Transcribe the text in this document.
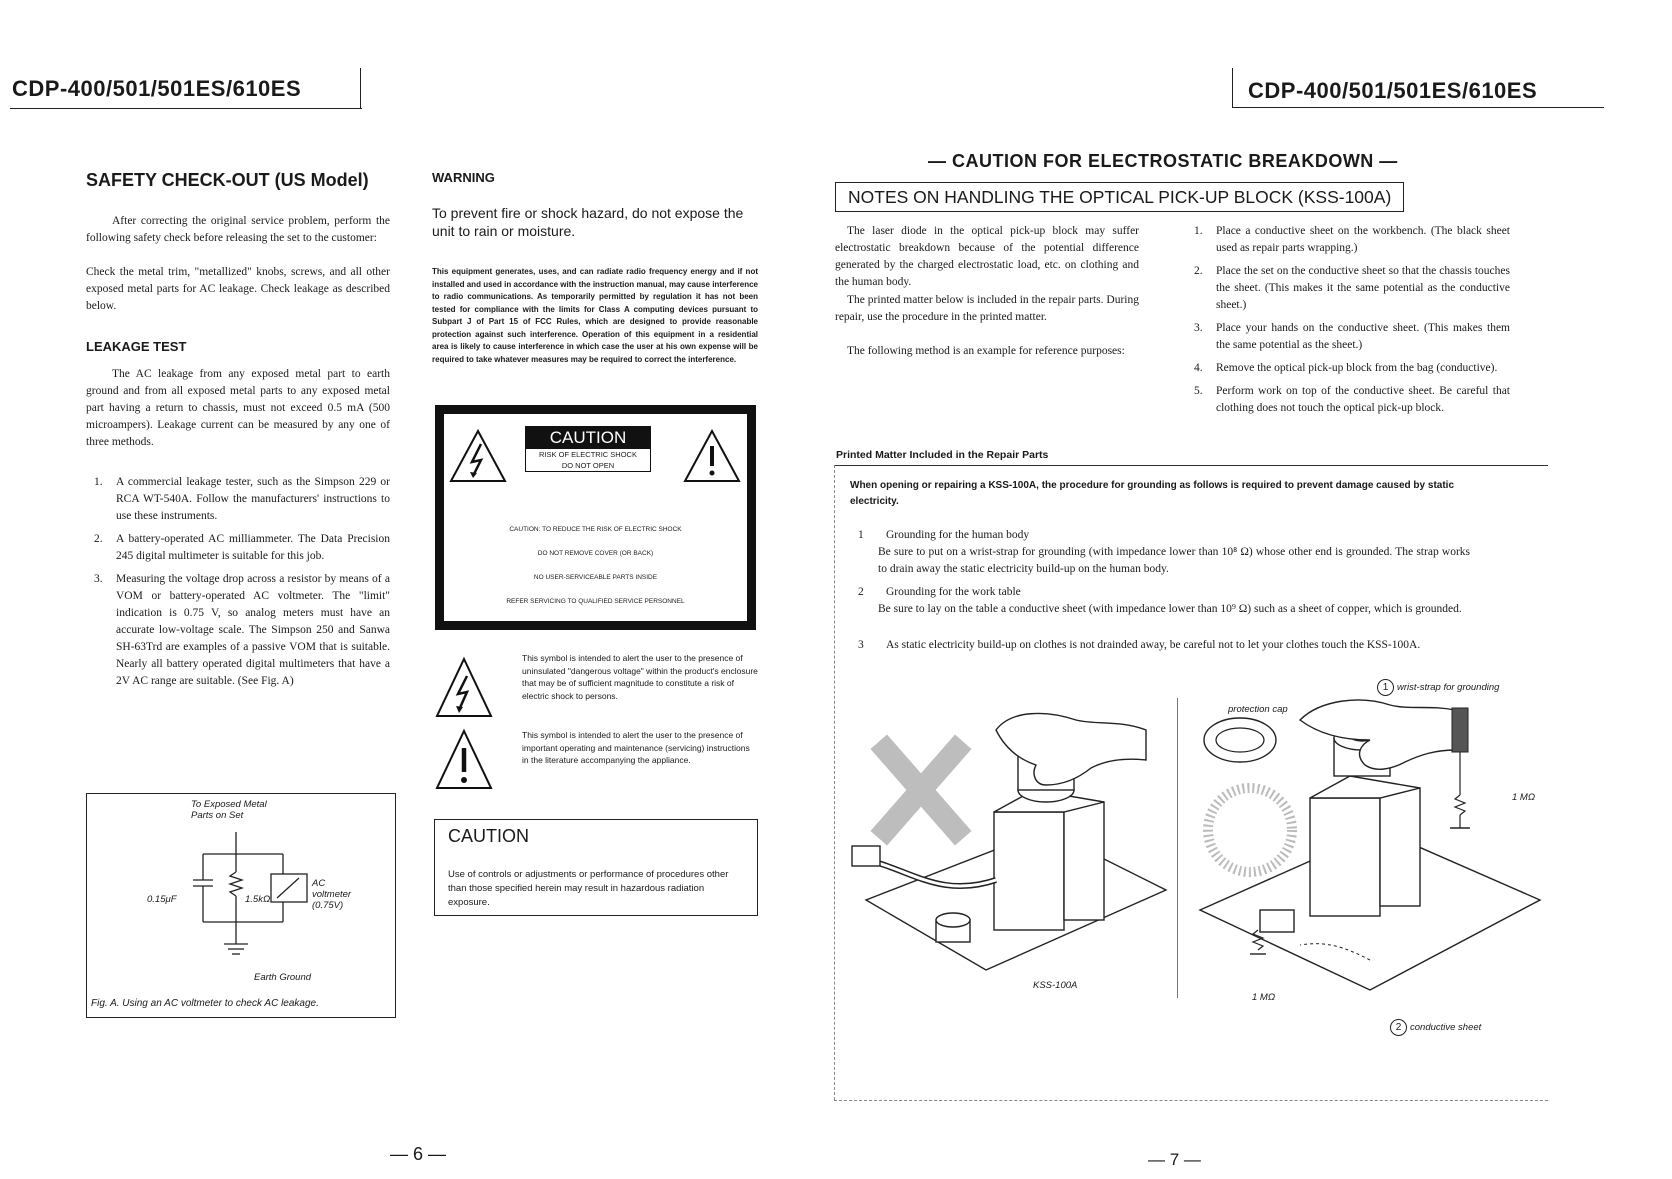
CDP-400/501/501ES/610ES
SAFETY CHECK-OUT (US Model)
After correcting the original service problem, perform the following safety check before releasing the set to the customer:
Check the metal trim, "metallized" knobs, screws, and all other exposed metal parts for AC leakage. Check leakage as described below.
LEAKAGE TEST
The AC leakage from any exposed metal part to earth ground and from all exposed metal parts to any exposed metal part having a return to chassis, must not exceed 0.5 mA (500 microampers). Leakage current can be measured by any one of three methods.
1. A commercial leakage tester, such as the Simpson 229 or RCA WT-540A. Follow the manufacturers' instructions to use these instruments.
2. A battery-operated AC milliammeter. The Data Precision 245 digital multimeter is suitable for this job.
3. Measuring the voltage drop across a resistor by means of a VOM or battery-operated AC voltmeter. The "limit" indication is 0.75 V, so analog meters must have an accurate low-voltage scale. The Simpson 250 and Sanwa SH-63Trd are examples of a passive VOM that is suitable. Nearly all battery operated digital multimeters that have a 2V AC range are suitable. (See Fig. A)
To Exposed Metal
Parts on Set
0.15μF	1.5kΩ
AC
voltmeter
(0.75V)
Earth Ground
Fig. A. Using an AC voltmeter to check AC leakage.
WARNING
To prevent fire or shock hazard, do not expose the unit to rain or moisture.
This equipment generates, uses, and can radiate radio frequency energy and if not installed and used in accordance with the instruction manual, may cause interference to radio communications. As temporarily permitted by regulation it has not been tested for compliance with the limits for Class A computing devices pursuant to Subpart J of Part 15 of FCC Rules, which are designed to provide reasonable protection against such interference. Operation of this equipment in a residential area is likely to cause interference in which case the user at his own expense will be required to take whatever measures may be required to correct the interference.
CAUTION
RISK OF ELECTRIC SHOCK
DO NOT OPEN
CAUTION: TO REDUCE THE RISK OF ELECTRIC SHOCK
DO NOT REMOVE COVER (OR BACK)
NO USER-SERVICEABLE PARTS INSIDE
REFER SERVICING TO QUALIFIED SERVICE PERSONNEL
This symbol is intended to alert the user to the presence of uninsulated "dangerous voltage" within the product's enclosure that may be of sufficient magnitude to constitute a risk of electric shock to persons.
This symbol is intended to alert the user to the presence of important operating and maintenance (servicing) instructions in the literature accompanying the appliance.
CAUTION
Use of controls or adjustments or performance of procedures other than those specified herein may result in hazardous radiation exposure.
— 6 —
CDP-400/501/501ES/610ES
— CAUTION FOR ELECTROSTATIC BREAKDOWN —
NOTES ON HANDLING THE OPTICAL PICK-UP BLOCK (KSS-100A)
The laser diode in the optical pick-up block may suffer electrostatic breakdown because of the potential difference generated by the charged electrostatic load, etc. on clothing and the human body.
The printed matter below is included in the repair parts. During repair, use the procedure in the printed matter.
The following method is an example for reference purposes:
1. Place a conductive sheet on the workbench. (The black sheet used as repair parts wrapping.)
2. Place the set on the conductive sheet so that the chassis touches the sheet. (This makes it the same potential as the conductive sheet.)
3. Place your hands on the conductive sheet. (This makes them the same potential as the sheet.)
4. Remove the optical pick-up block from the bag (conductive).
5. Perform work on top of the conductive sheet. Be careful that clothing does not touch the optical pick-up block.
Printed Matter Included in the Repair Parts
When opening or repairing a KSS-100A, the procedure for grounding as follows is required to prevent damage caused by static electricity.
1 Grounding for the human body
Be sure to put on a wrist-strap for grounding (with impedance lower than 10⁸ Ω) whose other end is grounded. The strap works to drain away the static electricity build-up on the human body.
2 Grounding for the work table
Be sure to lay on the table a conductive sheet (with impedance lower than 10⁹ Ω) such as a sheet of copper, which is grounded.
3 As static electricity build-up on clothes is not drainded away, be careful not to let your clothes touch the KSS-100A.
KSS-100A
protection cap
1 wrist-strap for grounding
1 MΩ
1 MΩ
2 conductive sheet
— 7 —
